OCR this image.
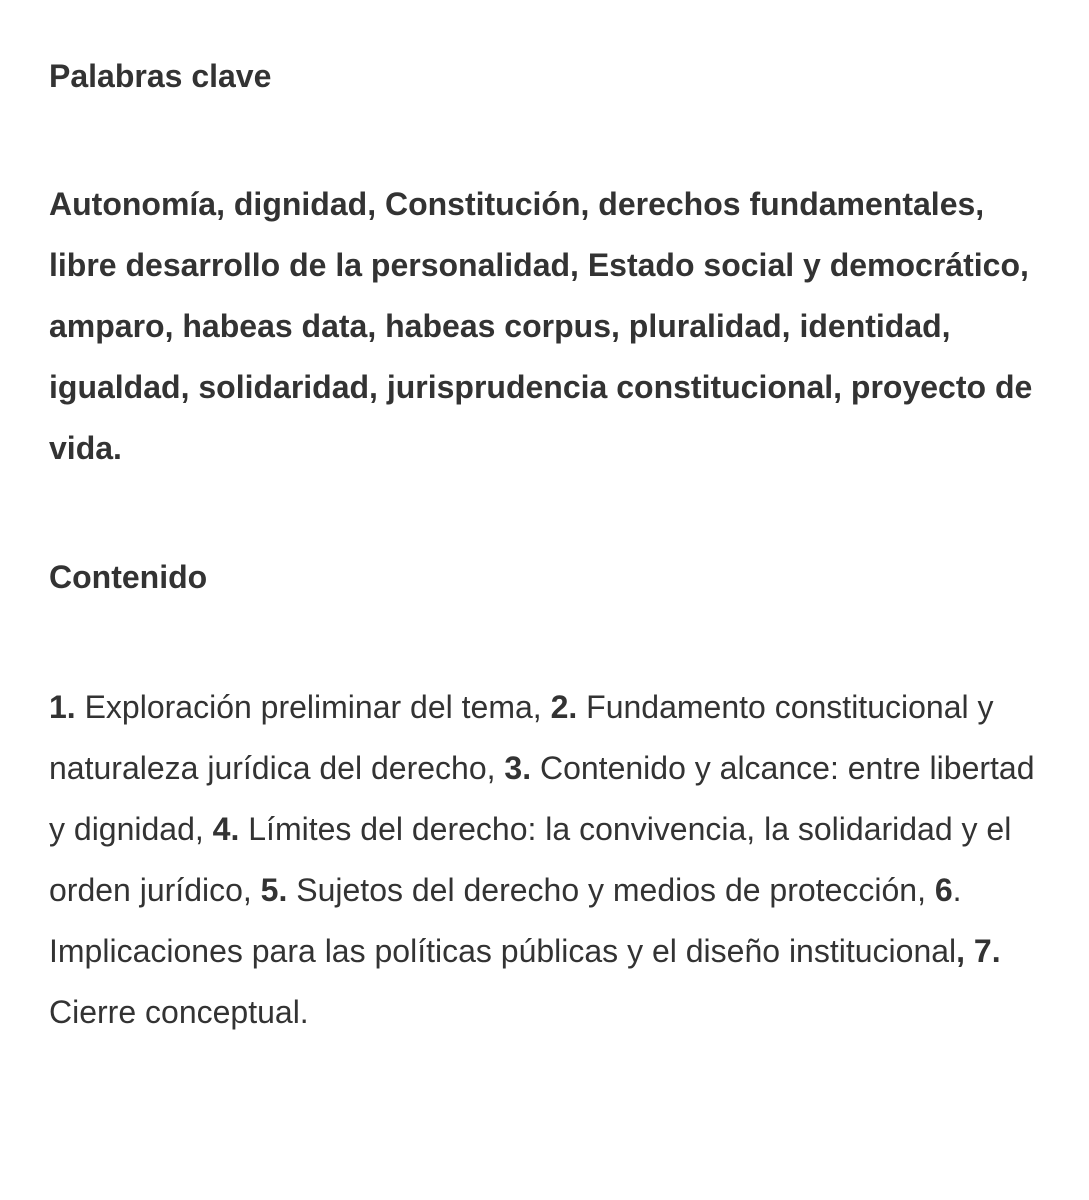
Palabras clave

Autonomía, dignidad, Constitución, derechos fundamentales, libre desarrollo de la personalidad, Estado social y democrático, amparo, habeas data, habeas corpus, pluralidad, identidad, igualdad, solidaridad, jurisprudencia constitucional, proyecto de vida.

Contenido

1. Exploración preliminar del tema, 2. Fundamento constitucional y naturaleza jurídica del derecho, 3. Contenido y alcance: entre libertad y dignidad, 4. Límites del derecho: la convivencia, la solidaridad y el orden jurídico, 5. Sujetos del derecho y medios de protección, 6. Implicaciones para las políticas públicas y el diseño institucional, 7. Cierre conceptual.
